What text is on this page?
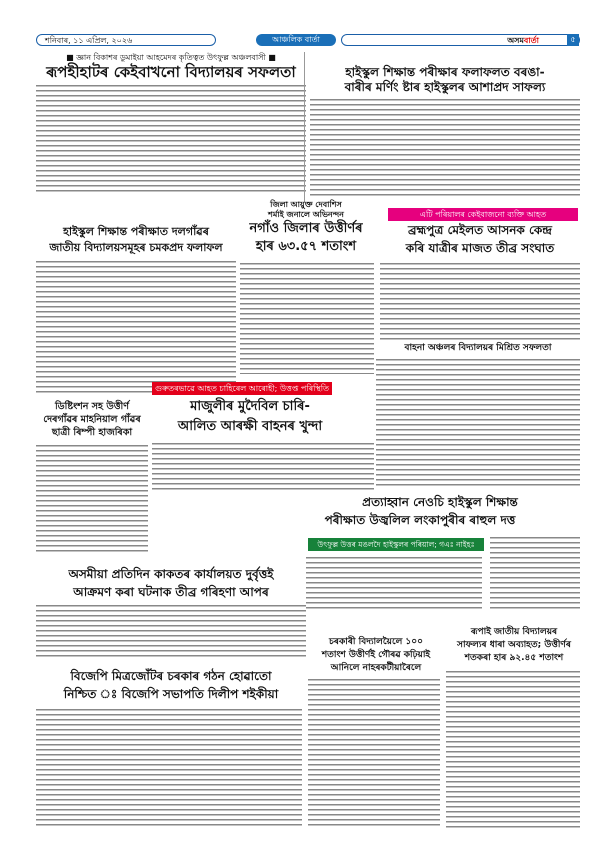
শনিবাৰ, ১১ এপ্ৰিল, ২০২৬	আঞ্চলিক বাৰ্তা	অসমবাৰ্তা	৫
■ জ্ঞান বিকাশৰ ডুমাইয়া আহমেদৰ কৃতিত্বত উৎফুল্ল অঞ্চলবাসী ■
ৰূপহীহাটৰ কেইবাখনো বিদ্যালয়ৰ সফলতা	হাইস্কুল শিক্ষান্ত পৰীক্ষাৰ ফলাফলত বৰঙা-
বাৰীৰ মৰ্ণিং ষ্টাৰ হাইস্কুলৰ আশাপ্ৰদ সাফল্য
হাইস্কুল শিক্ষান্ত পৰীক্ষাত দলগাঁৱৰ
জাতীয় বিদ্যালয়সমূহৰ চমকপ্ৰদ ফলাফল
জিলা আয়ুক্ত দেবাশিস
শৰ্মাই জনালে অভিনন্দন
নগাঁও জিলাৰ উত্তীৰ্ণৰ
হাৰ ৬৩.৫৭ শতাংশ
এটি পৰিয়ালৰ কেইবাজনো ব্যক্তি আহত
ব্ৰহ্মপুত্ৰ মেইলত আসনক কেন্দ্ৰ
কৰি যাত্ৰীৰ মাজত তীব্ৰ সংঘাত
বাহনা অঞ্চলৰ বিদ্যালয়ৰ মিশ্ৰিত সফলতা
ডিষ্টিংশন সহ উত্তীৰ্ণ
দেৰগাঁৱৰ মাহনিয়াল গাঁৱৰ
ছাত্ৰী ৰিম্পী হাজৰিকা
গুৰুতৰভাৱে আহত চাহিৰেল আৰোহী; উত্তপ্ত পৰিস্থিতি
মাজুলীৰ মুদৈবিল চাৰি-
আলিত আৰক্ষী বাহনৰ খুন্দা
প্ৰত্যাহ্বান নেওচি হাইস্কুল শিক্ষান্ত
পৰীক্ষাত উজ্বলিল লংকাপুৰীৰ ৰাহুল দত্ত
উৎফুল্ল উত্তৰ মঙলদৈ হাইস্কুলৰ পৰিয়াল; গএঃ নাইহঃ
অসমীয়া প্ৰতিদিন কাকতৰ কাৰ্যালয়ত দুৰ্বৃত্তই
আক্ৰমণ কৰা ঘটনাক তীব্ৰ গৰিহণা আপৰ
চৰকাৰী বিদ্যালয়ৈলে ১০০
শতাংশ উত্তীৰ্ণই গৌৰৱ কঢ়িয়াই
আনিলে নাহৰকটীয়াৰৈলে
ৰূপাই জাতীয় বিদ্যালয়ৰ
সাফল্যৰ ধাৰা অব্যাহত; উত্তীৰ্ণৰ
শতকৰা হাৰ ৯২.৪৫ শতাংশ
বিজেপি মিত্ৰজোঁটৰ চৰকাৰ গঠন হোৱাতো
নিশ্চিত ঃ বিজেপি সভাপতি দিলীপ শইকীয়া
